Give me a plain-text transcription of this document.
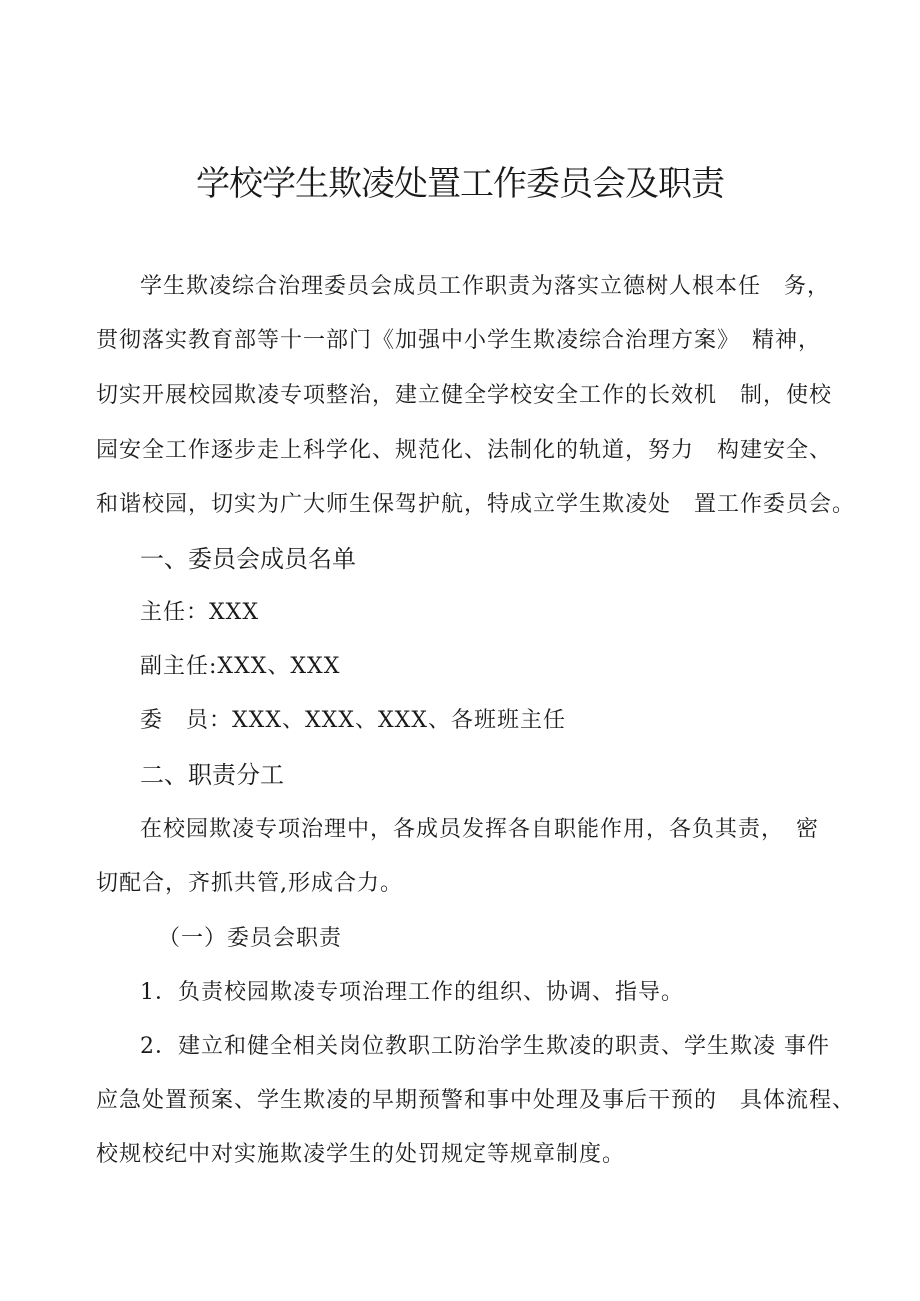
学校学生欺凌处置工作委员会及职责

学生欺凌综合治理委员会成员工作职责为落实立德树人根本任　务，

贯彻落实教育部等十一部门《加强中小学生欺凌综合治理方案》　精神，

切实开展校园欺凌专项整治，建立健全学校安全工作的长效机　制，使校

园安全工作逐步走上科学化、规范化、法制化的轨道，努力　构建安全、

和谐校园，切实为广大师生保驾护航，特成立学生欺凌处　置工作委员会。

一、委员会成员名单

主任：XXX

副主任:XXX、XXX

委　员：XXX、XXX、XXX、各班班主任

二、职责分工

在校园欺凌专项治理中，各成员发挥各自职能作用，各负其责，　密

切配合，齐抓共管,形成合力。

（一）委员会职责

1．负责校园欺凌专项治理工作的组织、协调、指导。

2．建立和健全相关岗位教职工防治学生欺凌的职责、学生欺凌 事件

应急处置预案、学生欺凌的早期预警和事中处理及事后干预的　具体流程、

校规校纪中对实施欺凌学生的处罚规定等规章制度。
